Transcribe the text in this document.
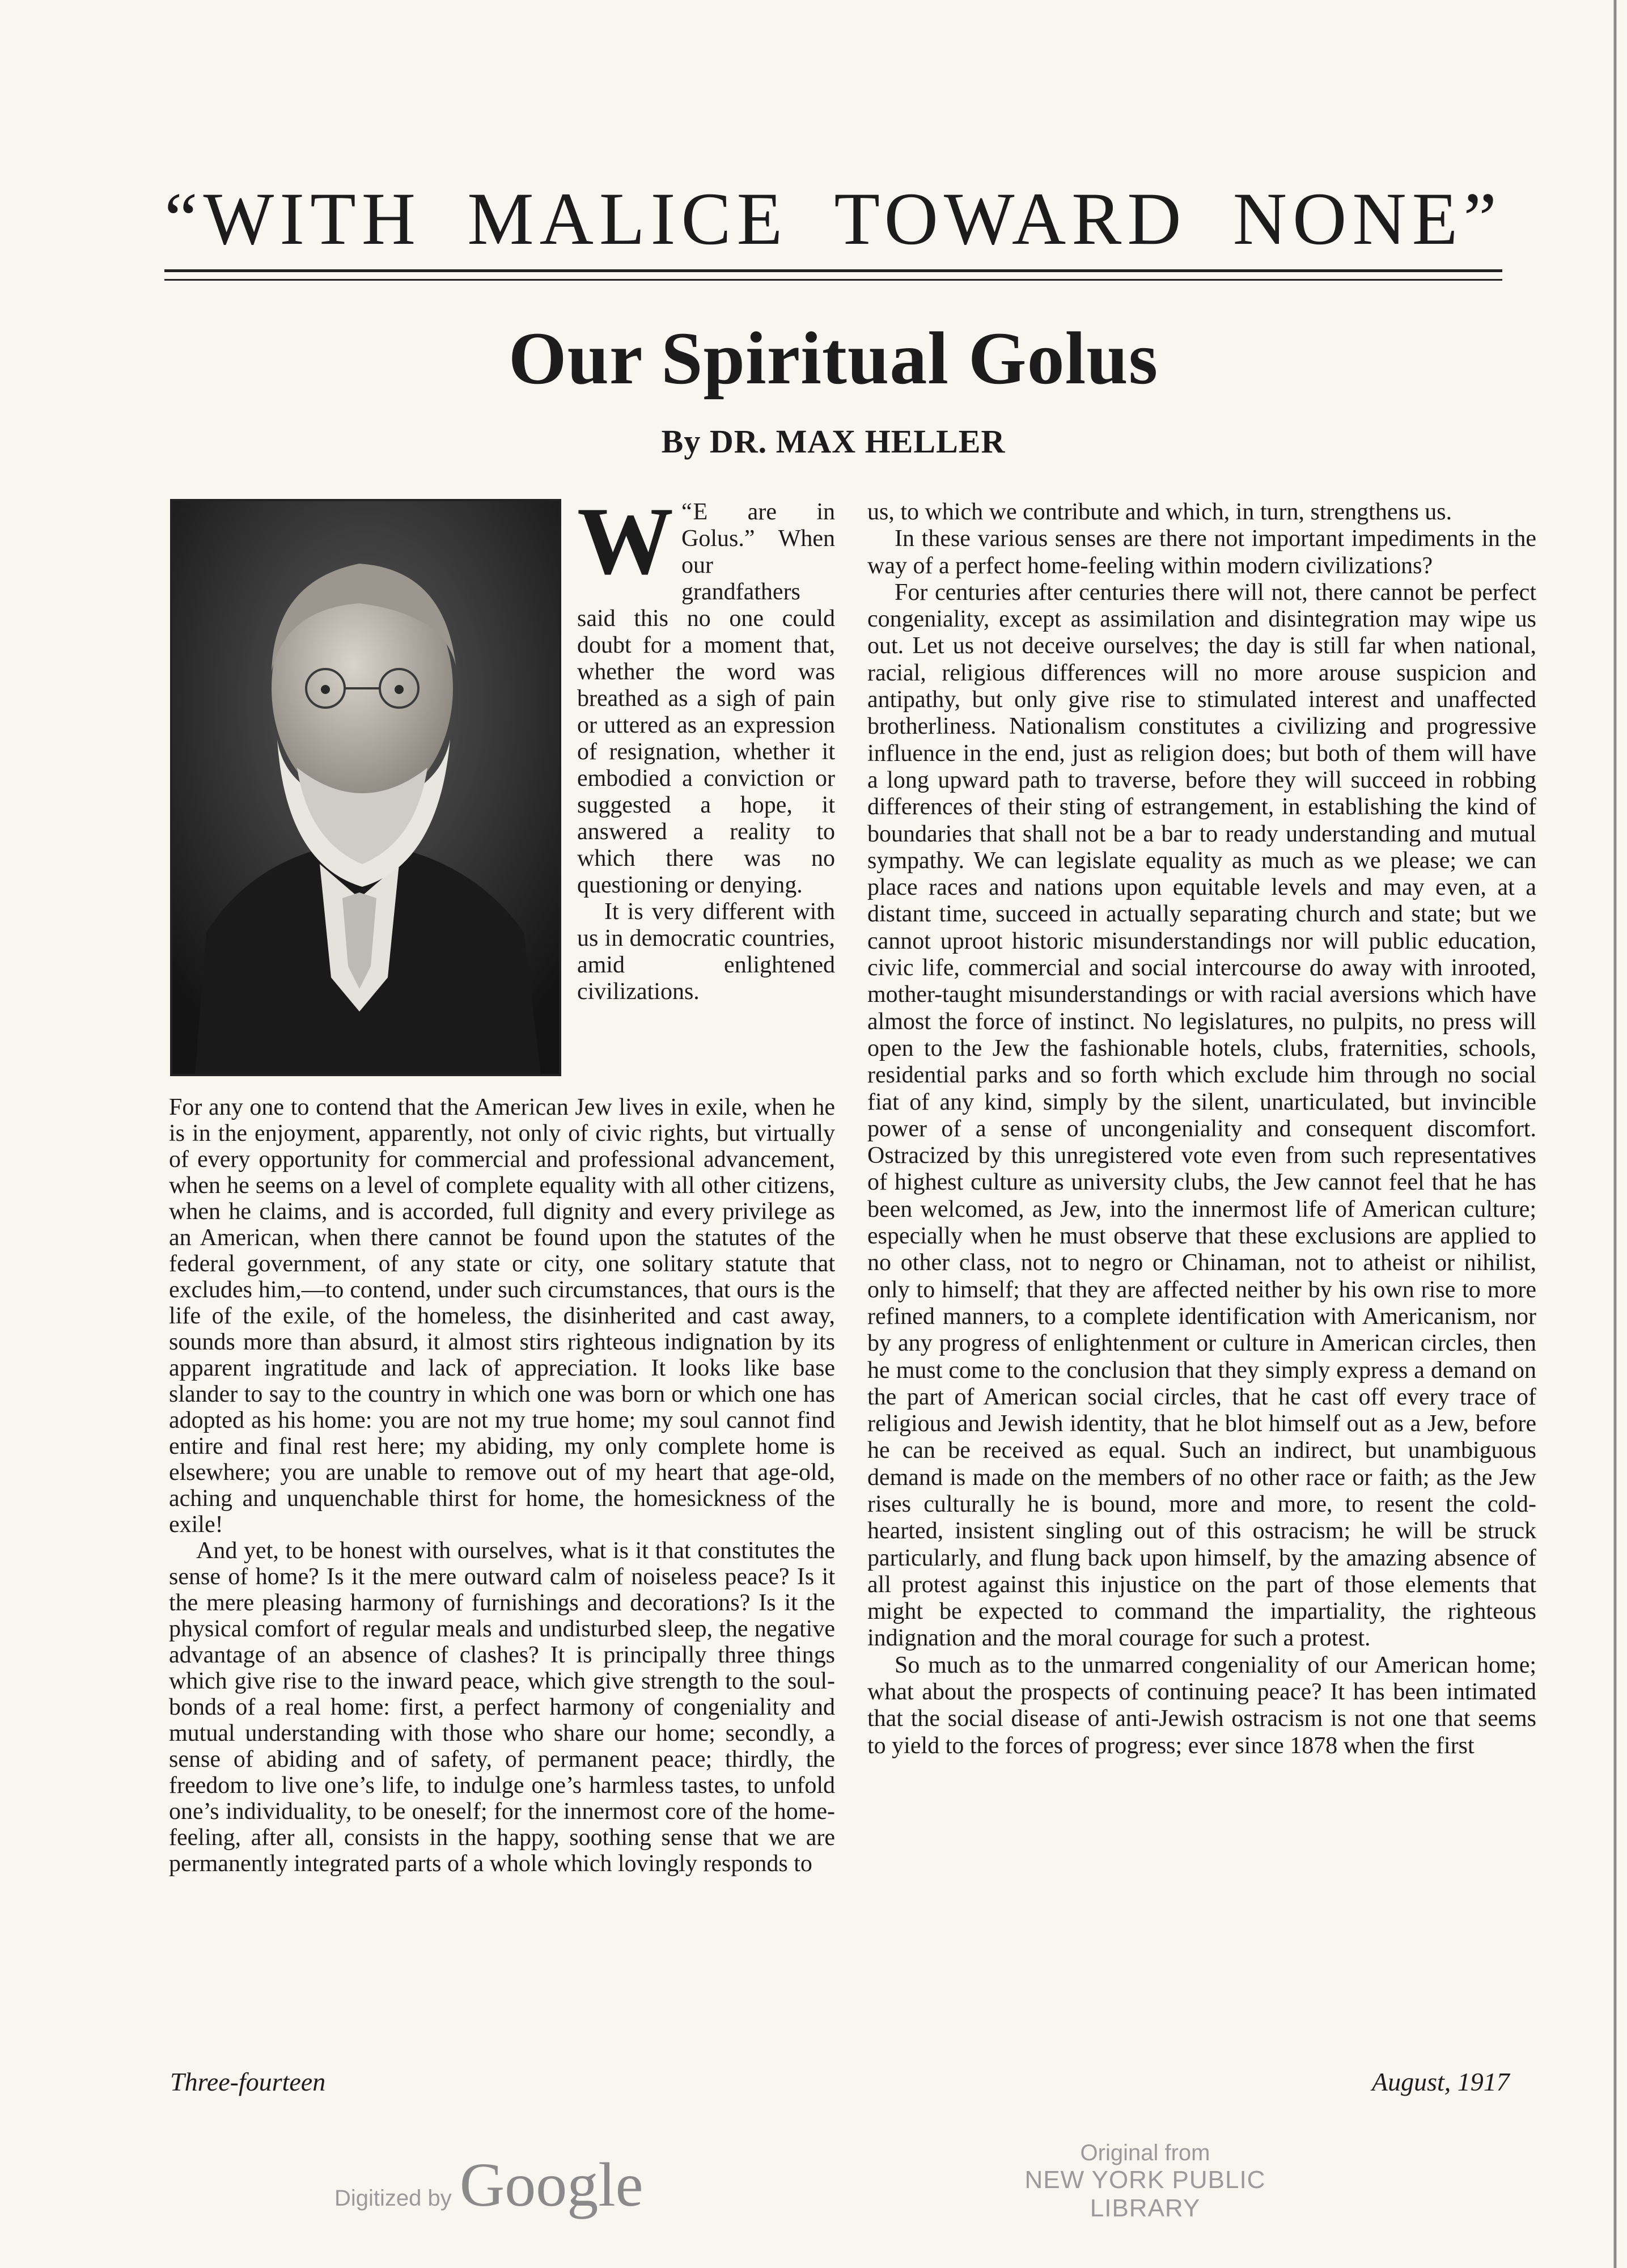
“WITH MALICE TOWARD NONE”
Our Spiritual Golus
By DR. MAX HELLER

“
W E are in Golus.” When our grandfathers said this no one could doubt for a moment that, whether the word was breathed as a sigh of pain or uttered as an expression of resignation, whether it embodied a conviction or suggested a hope, it answered a reality to which there was no questioning or denying.

It is very different with us in democratic countries, amid enlightened civilizations.

For any one to contend that the American Jew lives in exile, when he is in the enjoyment, apparently, not only of civic rights, but virtually of every opportunity for commercial and professional advancement, when he seems on a level of complete equality with all other citizens, when he claims, and is accorded, full dignity and every privilege as an American, when there cannot be found upon the statutes of the federal government, of any state or city, one solitary statute that excludes him,—to contend, under such circumstances, that ours is the life of the exile, of the homeless, the disinherited and cast away, sounds more than absurd, it almost stirs righteous indignation by its apparent ingratitude and lack of appreciation. It looks like base slander to say to the country in which one was born or which one has adopted as his home: you are not my true home; my soul cannot find entire and final rest here; my abiding, my only complete home is elsewhere; you are unable to remove out of my heart that age-old, aching and unquenchable thirst for home, the homesickness of the exile!

And yet, to be honest with ourselves, what is it that constitutes the sense of home? Is it the mere outward calm of noiseless peace? Is it the mere pleasing harmony of furnishings and decorations? Is it the physical comfort of regular meals and undisturbed sleep, the negative advantage of an absence of clashes? It is principally three things which give rise to the inward peace, which give strength to the soul-bonds of a real home: first, a perfect harmony of congeniality and mutual understanding with those who share our home; secondly, a sense of abiding and of safety, of permanent peace; thirdly, the freedom to live one’s life, to indulge one’s harmless tastes, to unfold one’s individuality, to be oneself; for the innermost core of the home-feeling, after all, consists in the happy, soothing sense that we are permanently integrated parts of a whole which lovingly responds to

us, to which we contribute and which, in turn, strengthens us.

In these various senses are there not important impediments in the way of a perfect home-feeling within modern civilizations?

For centuries after centuries there will not, there cannot be perfect congeniality, except as assimilation and disintegration may wipe us out. Let us not deceive ourselves; the day is still far when national, racial, religious differences will no more arouse suspicion and antipathy, but only give rise to stimulated interest and unaffected brotherliness. Nationalism constitutes a civilizing and progressive influence in the end, just as religion does; but both of them will have a long upward path to traverse, before they will succeed in robbing differences of their sting of estrangement, in establishing the kind of boundaries that shall not be a bar to ready understanding and mutual sympathy. We can legislate equality as much as we please; we can place races and nations upon equitable levels and may even, at a distant time, succeed in actually separating church and state; but we cannot uproot historic misunderstandings nor will public education, civic life, commercial and social intercourse do away with inrooted, mother-taught misunderstandings or with racial aversions which have almost the force of instinct. No legislatures, no pulpits, no press will open to the Jew the fashionable hotels, clubs, fraternities, schools, residential parks and so forth which exclude him through no social fiat of any kind, simply by the silent, unarticulated, but invincible power of a sense of uncongeniality and consequent discomfort. Ostracized by this unregistered vote even from such representatives of highest culture as university clubs, the Jew cannot feel that he has been welcomed, as Jew, into the innermost life of American culture; especially when he must observe that these exclusions are applied to no other class, not to negro or Chinaman, not to atheist or nihilist, only to himself; that they are affected neither by his own rise to more refined manners, to a complete identification with Americanism, nor by any progress of enlightenment or culture in American circles, then he must come to the conclusion that they simply express a demand on the part of American social circles, that he cast off every trace of religious and Jewish identity, that he blot himself out as a Jew, before he can be received as equal. Such an indirect, but unambiguous demand is made on the members of no other race or faith; as the Jew rises culturally he is bound, more and more, to resent the cold-hearted, insistent singling out of this ostracism; he will be struck particularly, and flung back upon himself, by the amazing absence of all protest against this injustice on the part of those elements that might be expected to command the impartiality, the righteous indignation and the moral courage for such a protest.

So much as to the unmarred congeniality of our American home; what about the prospects of continuing peace? It has been intimated that the social disease of anti-Jewish ostracism is not one that seems to yield to the forces of progress; ever since 1878 when the first

Three-fourteen	August, 1917
Digitized by Google	Original from
NEW YORK PUBLIC LIBRARY
